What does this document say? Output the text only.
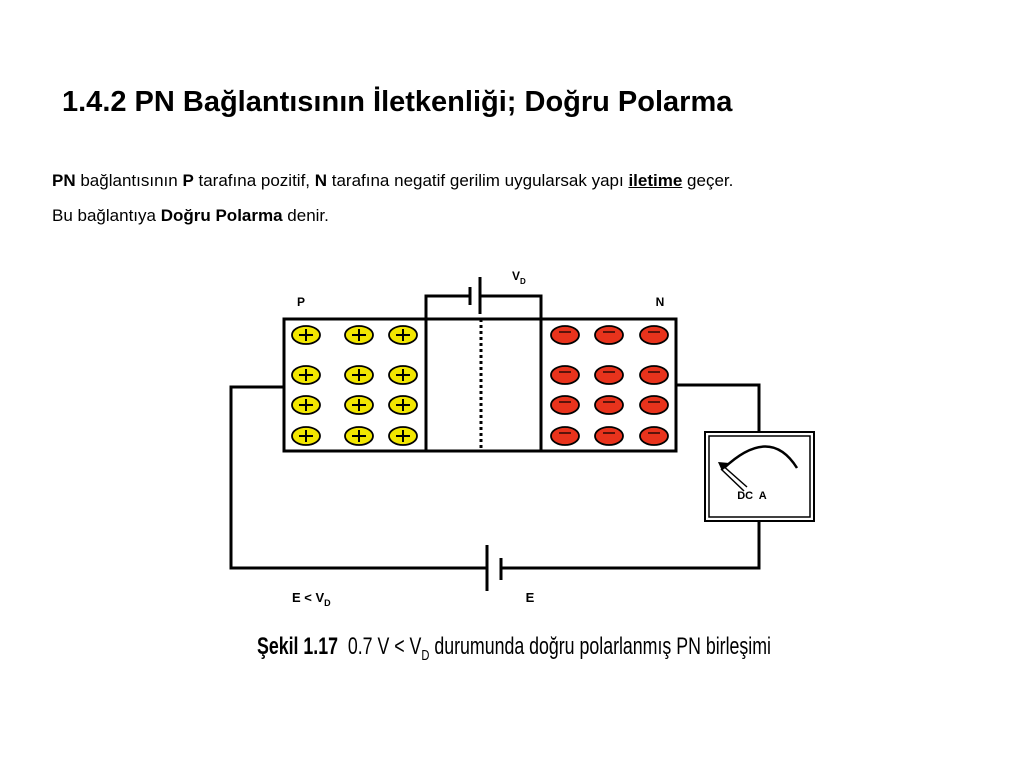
1.4.2 PN Bağlantısının İletkenliği; Doğru Polarma
PN bağlantısının P tarafına pozitif, N tarafına negatif gerilim uygularsak yapı iletime geçer.
Bu bağlantıya Doğru Polarma denir.
DC  A
P	N
$V_D$
$E < V_D$	E
Şekil 1.17  0.7 $V < V_D$ durumunda doğru polarlanmış PN birleşimi
